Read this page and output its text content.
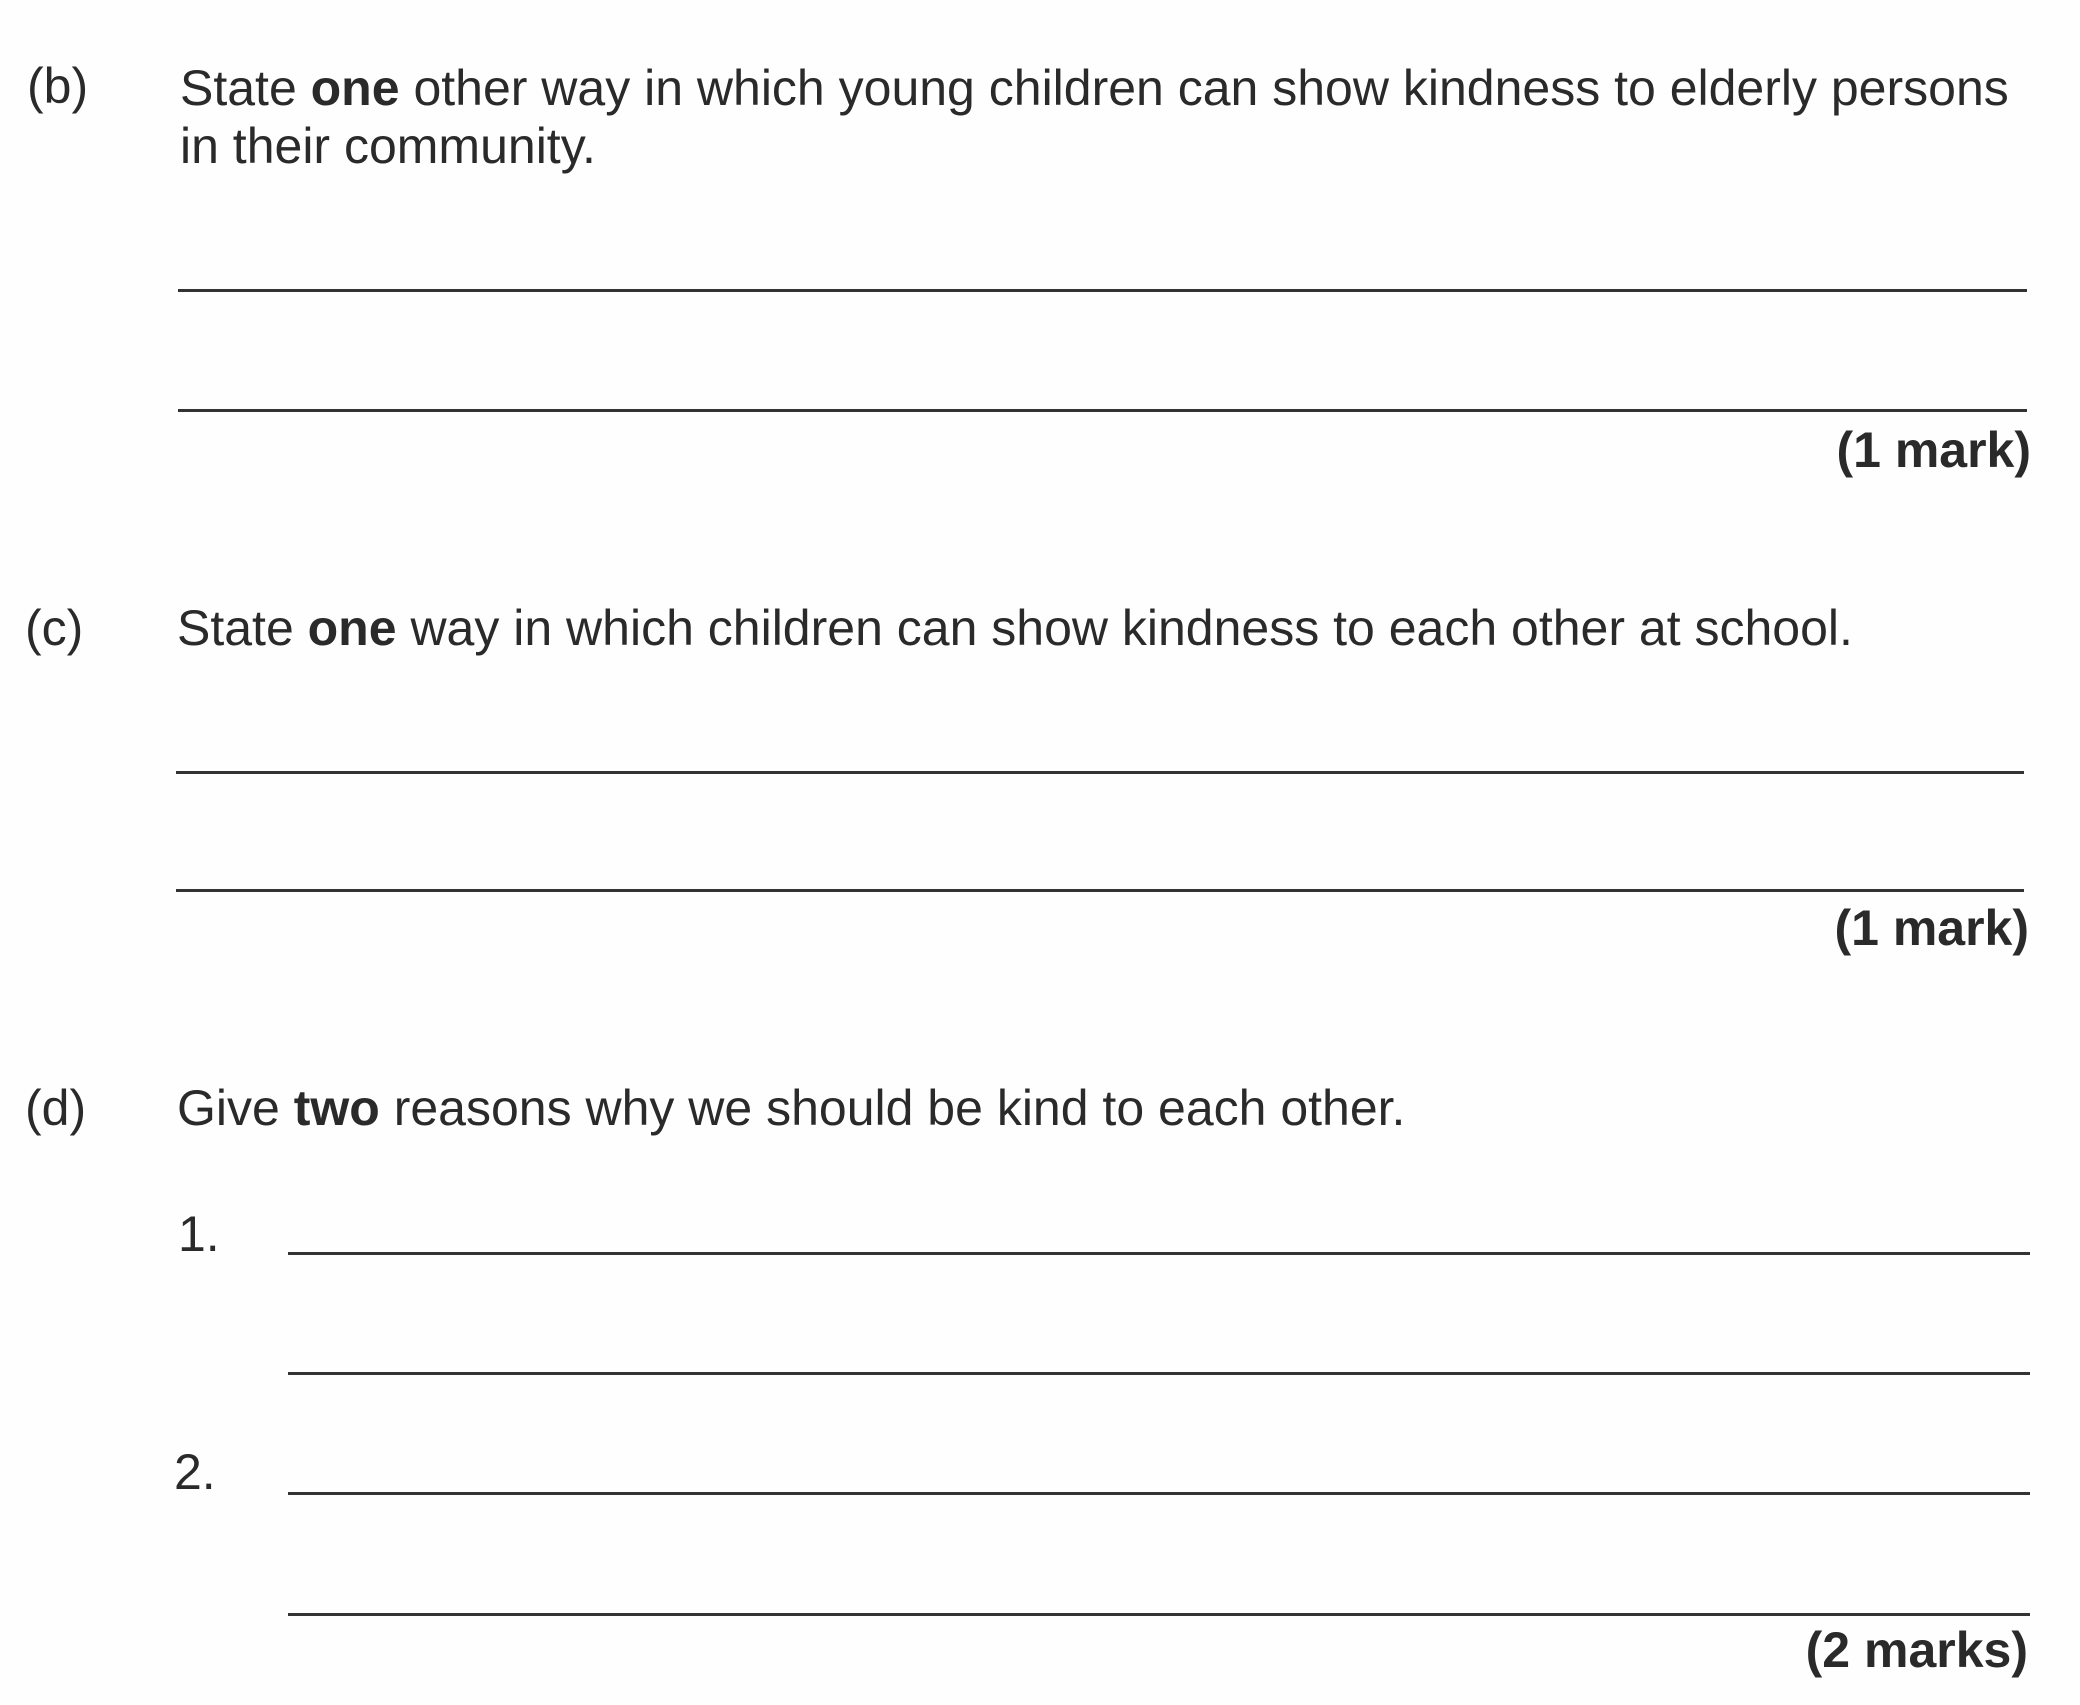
(b) State one other way in which young children can show kindness to elderly persons
in their community.
(1 mark)
(c) State one way in which children can show kindness to each other at school.
(1 mark)
(d) Give two reasons why we should be kind to each other.
1.
2.
(2 marks)
